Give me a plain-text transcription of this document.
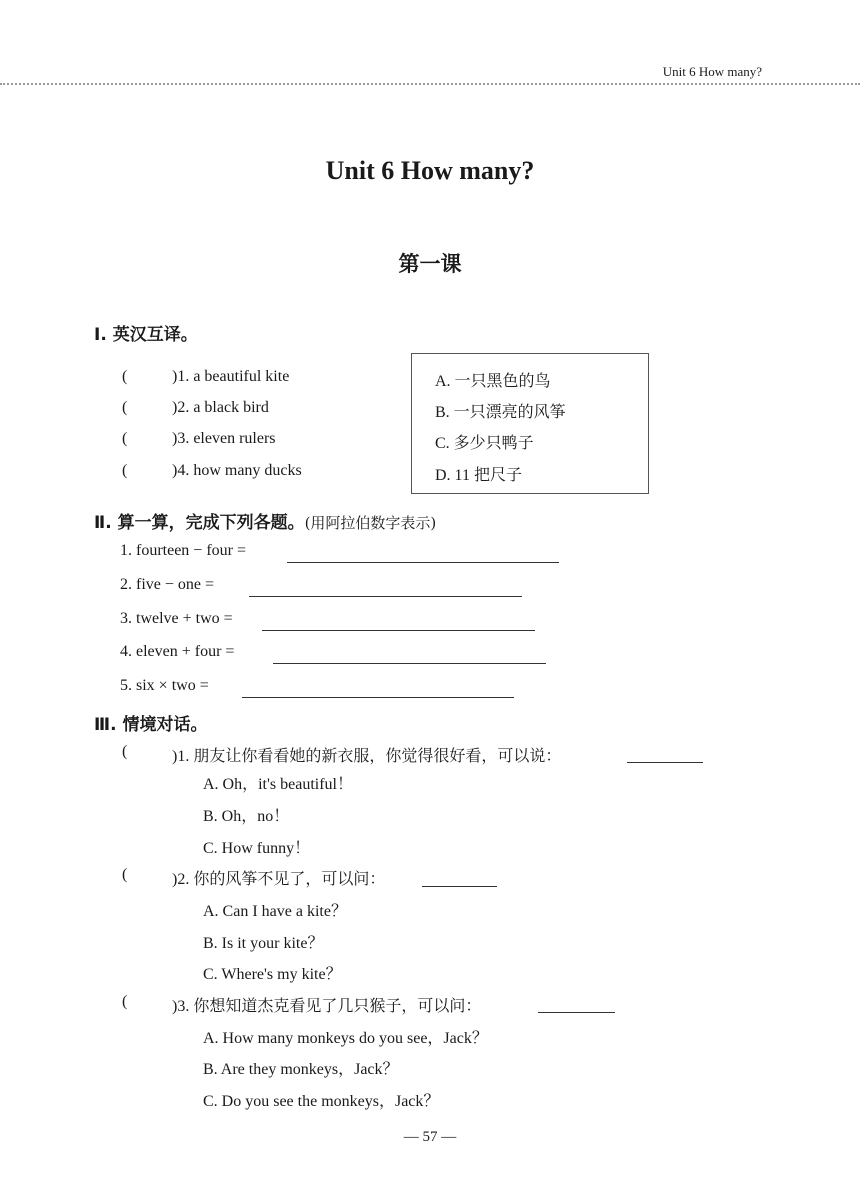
Unit 6 How many?
Unit 6 How many?
第一课
Ⅰ. 英汉互译。
(	)1. a beautiful kite
(	)2. a black bird
(	)3. eleven rulers
(	)4. how many ducks
A. 一只黑色的鸟
B. 一只漂亮的风筝
C. 多少只鸭子
D. 11 把尺子
Ⅱ. 算一算，完成下列各题。(用阿拉伯数字表示)
1. fourteen − four =
2. five − one =
3. twelve + two =
4. eleven + four =
5. six × two =
Ⅲ. 情境对话。
(	)1. 朋友让你看看她的新衣服，你觉得很好看，可以说：
A. Oh，it's beautiful！
B. Oh，no！
C. How funny！
(	)2. 你的风筝不见了，可以问：
A. Can I have a kite？
B. Is it your kite？
C. Where's my kite？
(	)3. 你想知道杰克看见了几只猴子，可以问：
A. How many monkeys do you see，Jack？
B. Are they monkeys，Jack？
C. Do you see the monkeys，Jack？
— 57 —
